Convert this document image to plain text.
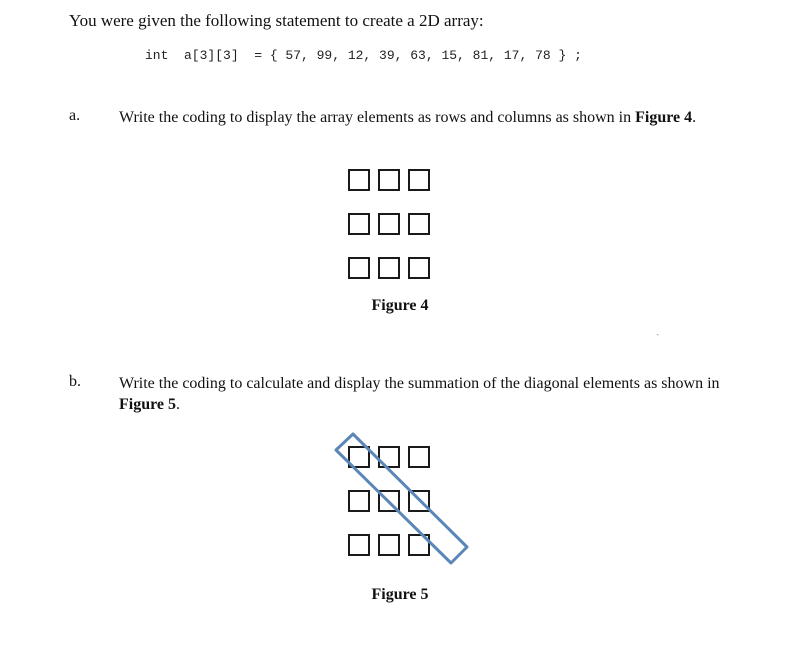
You were given the following statement to create a 2D array:
int  a[3][3]  = { 57, 99, 12, 39, 63, 15, 81, 17, 78 } ;
a. Write the coding to display the array elements as rows and columns as shown in Figure 4.
Figure 4
ˏ
b. Write the coding to calculate and display the summation of the diagonal elements as shown in Figure 5.
Figure 5
